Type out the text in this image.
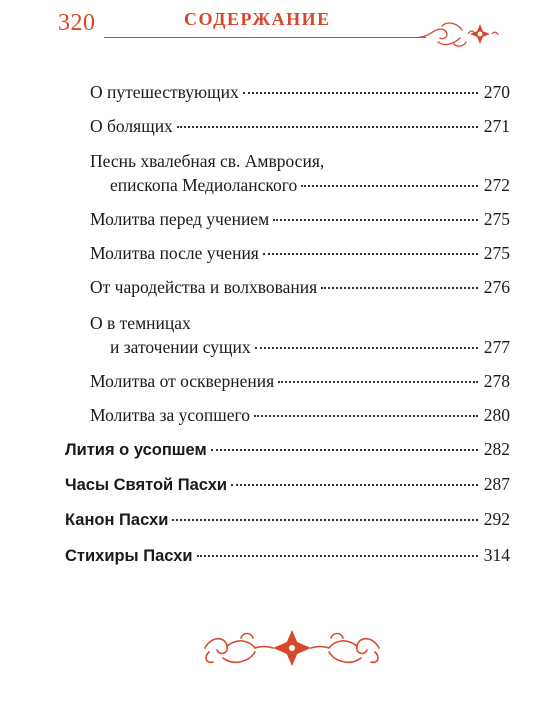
320	СОДЕРЖАНИЕ
О путешествующих	270
О болящих	271
Песнь хвалебная св. Амвросия,
епископа Медиоланского	272
Молитва перед учением	275
Молитва после учения	275
От чародейства и волхвования	276
О в темницах
и заточении сущих	277
Молитва от осквернения	278
Молитва за усопшего	280
Лития о усопшем	282
Часы Святой Пасхи	287
Канон Пасхи	292
Стихиры Пасхи	314
